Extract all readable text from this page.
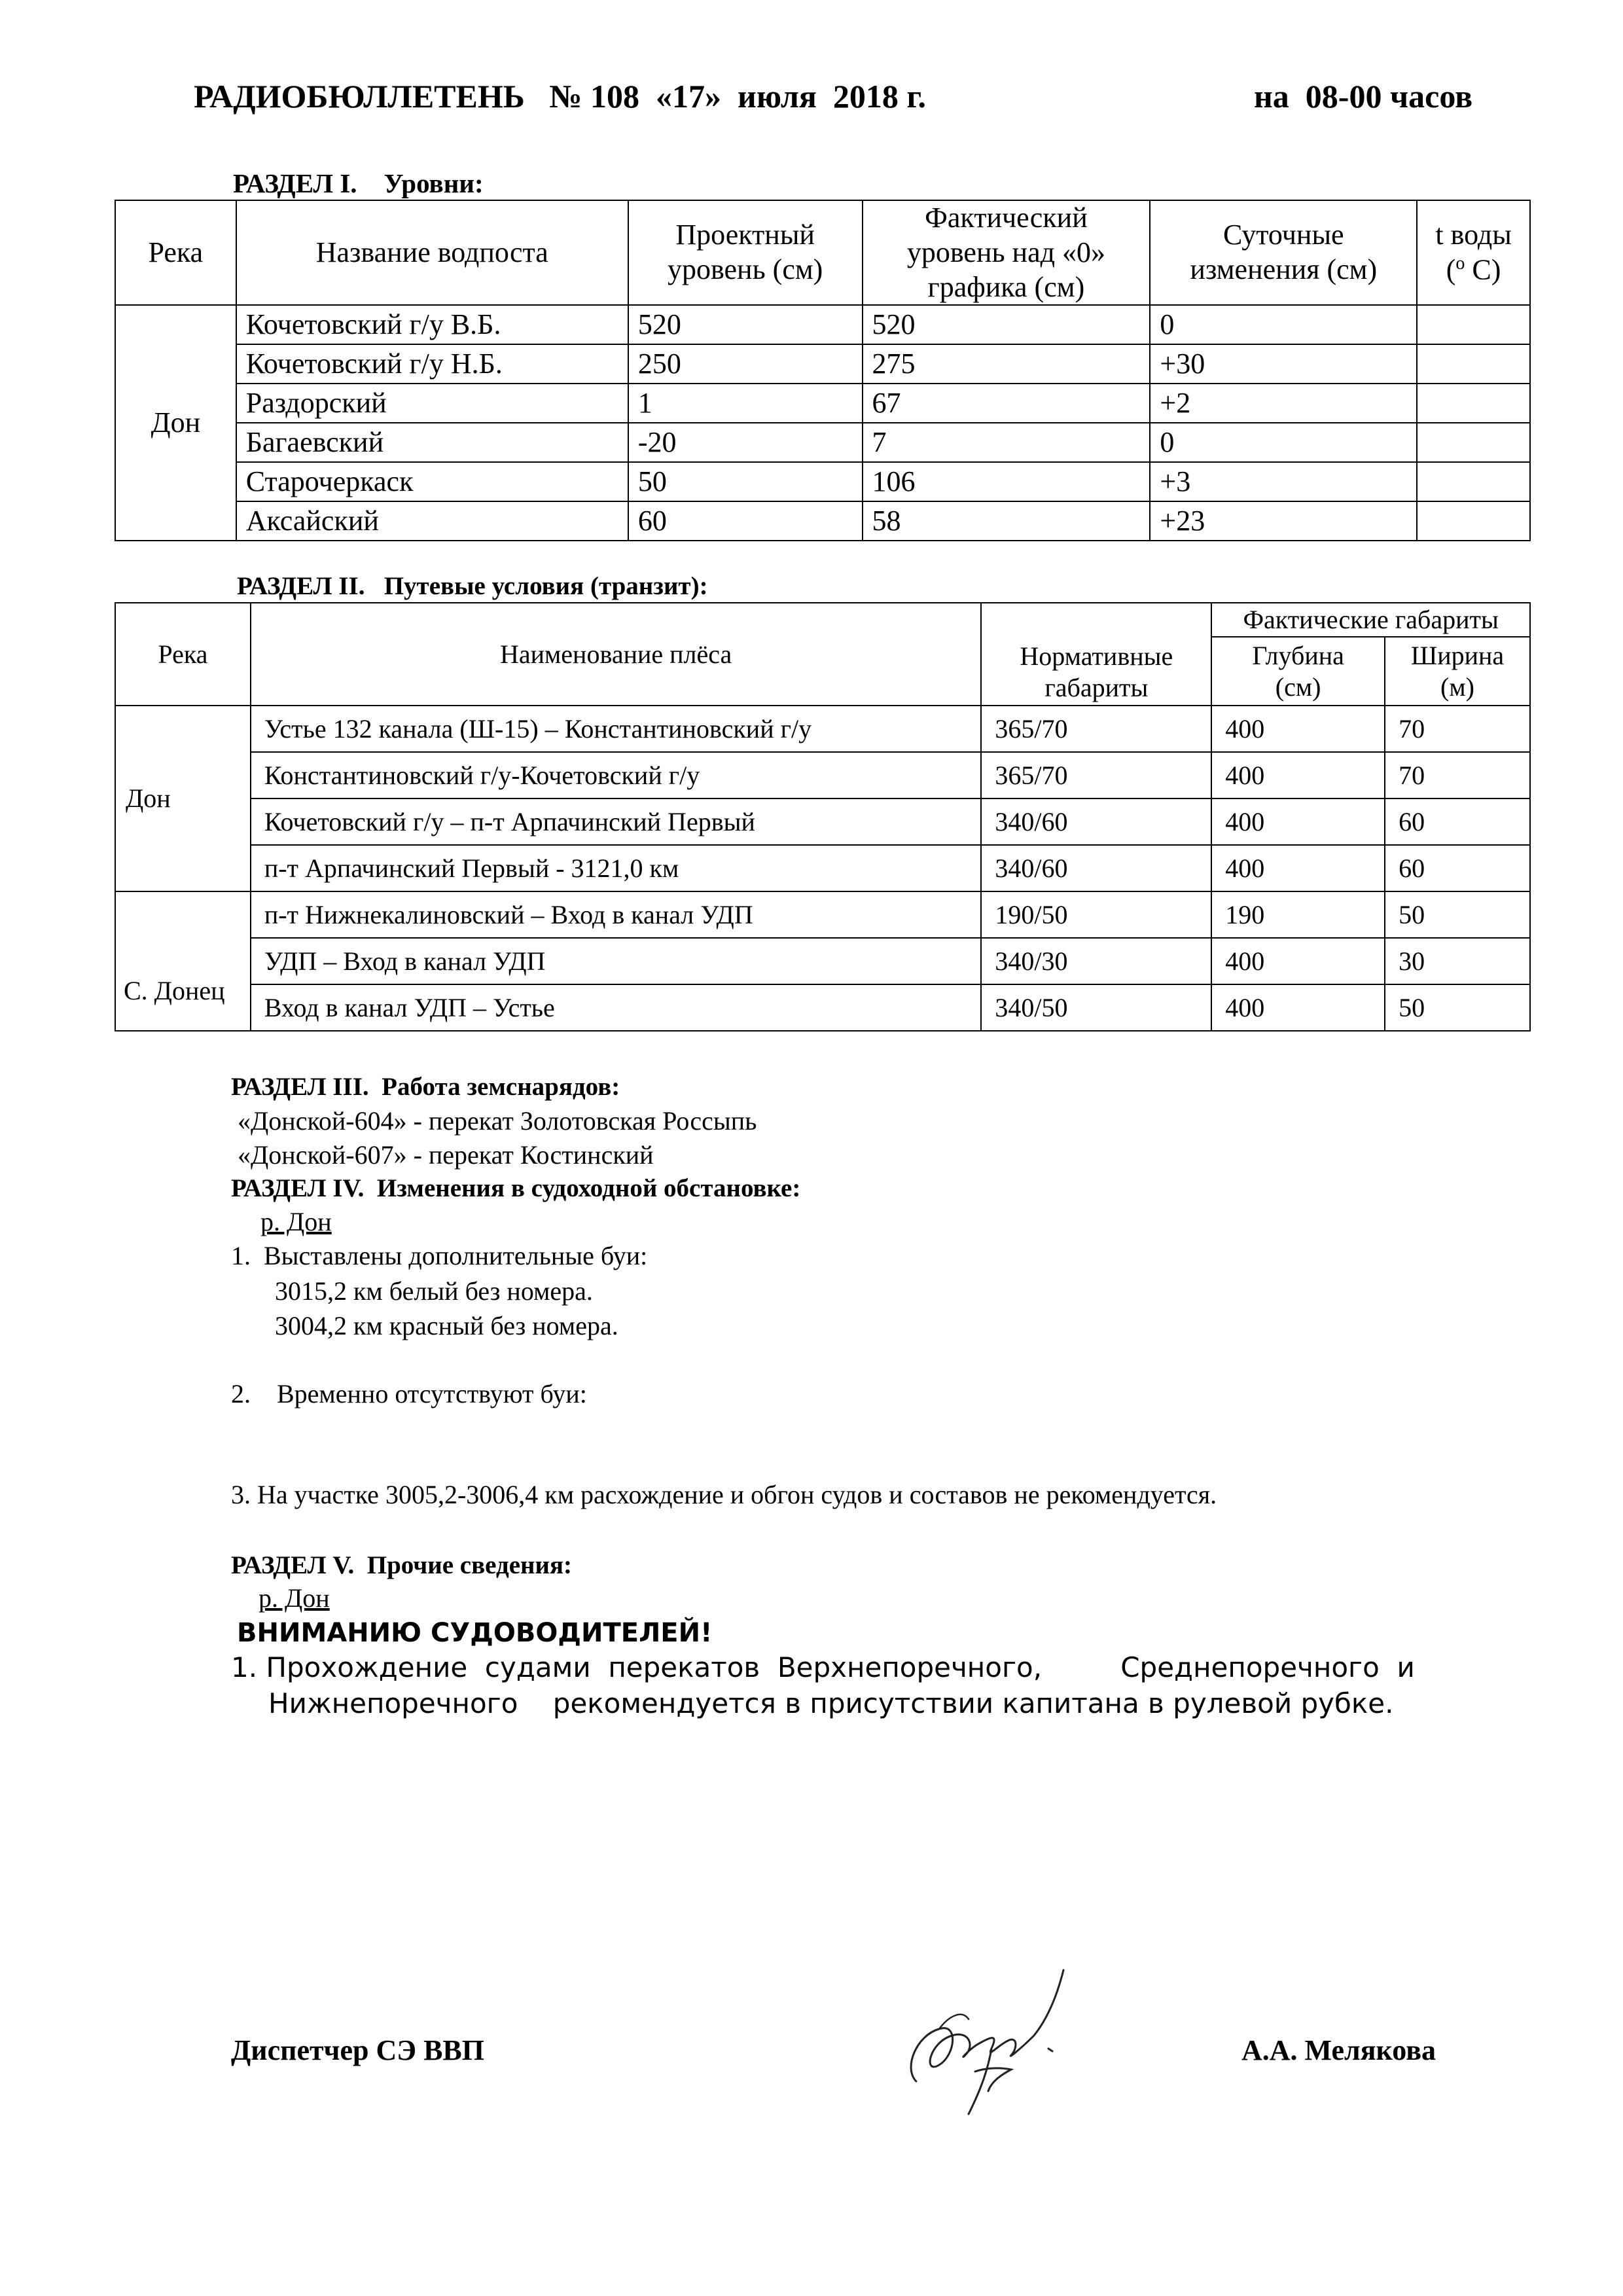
РАДИОБЮЛЛЕТЕНЬ   № 108  «17»  июля  2018 г.	на  08-00 часов
РАЗДЕЛ I.    Уровни:
Река	Название водпоста	Проектный уровень (см)	Фактический уровень над «0» графика (см)	Суточные изменения (см)	t воды
($^o$ C)

Дон	Кочетовский г/у В.Б.	520	520	0	
	Кочетовский г/у Н.Б.	250	275	+30	
	Раздорский	1	67	+2	
	Багаевский	-20	7	0	
	Старочеркаск	50	106	+3	
	Аксайский	60	58	+23	
РАЗДЕЛ II.   Путевые условия (транзит):
Река	Наименование плёса	Нормативные габариты	Фактические габариты	

			Глубина (см)	Ширина (м)

Дон	Устье 132 канала (Ш-15) – Константиновский г/у	365/70	400	70
	Константиновский г/у-Кочетовский г/у	365/70	400	70
	Кочетовский г/у – п-т Арпачинский Первый	340/60	400	60
	п-т Арпачинский Первый - 3121,0 км	340/60	400	60
С. Донец	п-т Нижнекалиновский – Вход в канал УДП	190/50	190	50
	УДП – Вход в канал УДП	340/30	400	30
	Вход в канал УДП – Устье	340/50	400	50
РАЗДЕЛ III.  Работа земснарядов:
«Донской-604» - перекат Золотовская Россыпь
«Донской-607» - перекат Костинский
РАЗДЕЛ IV.  Изменения в судоходной обстановке:
р. Дон
1.  Выставлены дополнительные буи:
3015,2 км белый без номера.
3004,2 км красный без номера.
2.    Временно отсутствуют буи:
3. На участке 3005,2-3006,4 км расхождение и обгон судов и составов не рекомендуется.
РАЗДЕЛ V.  Прочие сведения:
р. Дон
ВНИМАНИЮ СУДОВОДИТЕЛЕЙ!
1. Прохождение  судами  перекатов  Верхнепоречного,         Среднепоречного  и
Нижнепоречного    рекомендуется в присутствии капитана в рулевой рубке.
Диспетчер СЭ ВВП	А.А. Мелякова
